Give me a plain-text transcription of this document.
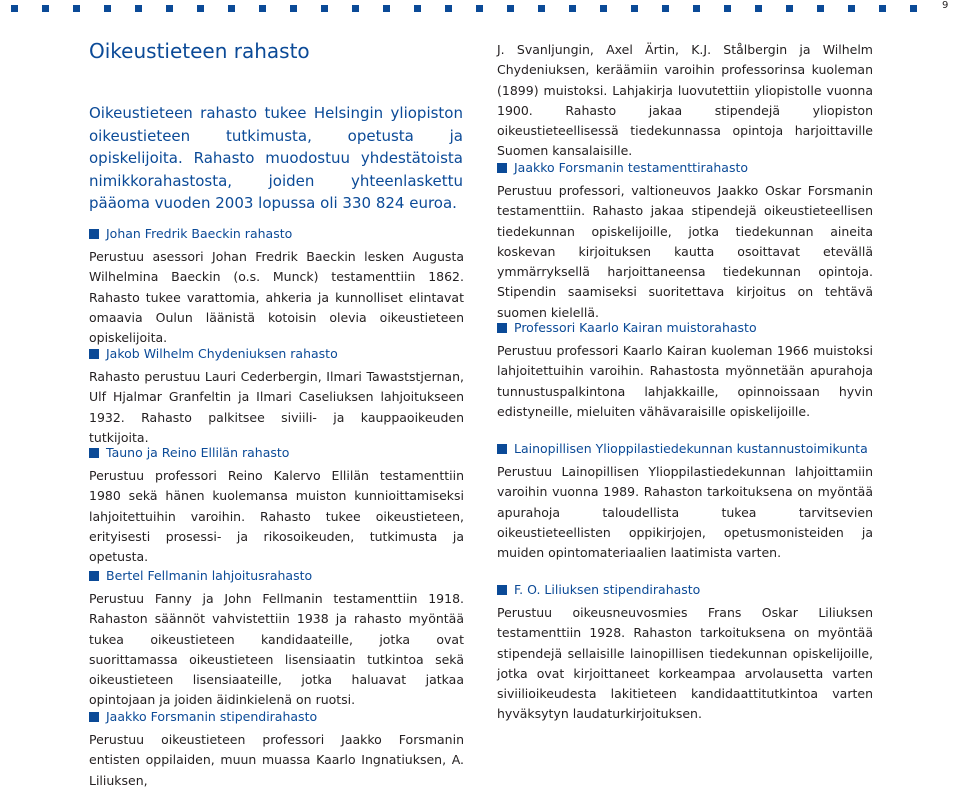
9
Oikeustieteen rahasto

Oikeustieteen rahasto tukee Helsingin yliopiston oikeustieteen tutkimusta, opetusta ja opiskelijoita. Rahasto muodostuu yhdestätoista nimikkorahastosta, joiden yhteenlaskettu pääoma vuoden 2003 lopussa oli 330 824 euroa.

Johan Fredrik Baeckin rahasto

Perustuu asessori Johan Fredrik Baeckin lesken Augusta Wilhelmina Baeckin (o.s. Munck) testamenttiin 1862. Rahasto tukee varattomia, ahkeria ja kunnolliset elintavat omaavia Oulun läänistä kotoisin olevia oikeustieteen opiskelijoita.

Jakob Wilhelm Chydeniuksen rahasto

Rahasto perustuu Lauri Cederbergin, Ilmari Tawaststjernan, Ulf Hjalmar Granfeltin ja Ilmari Caseliuksen lahjoitukseen 1932. Rahasto palkitsee siviili- ja kauppaoikeuden tutkijoita.

Tauno ja Reino Ellilän rahasto

Perustuu professori Reino Kalervo Ellilän testamenttiin 1980 sekä hänen kuolemansa muiston kunnioittamiseksi lahjoitettuihin varoihin. Rahasto tukee oikeustieteen, erityisesti prosessi- ja rikosoikeuden, tutkimusta ja opetusta.

Bertel Fellmanin lahjoitusrahasto

Perustuu Fanny ja John Fellmanin testamenttiin 1918. Rahaston säännöt vahvistettiin 1938 ja rahasto myöntää tukea oikeustieteen kandidaateille, jotka ovat suorittamassa oikeustieteen lisensiaatin tutkintoa sekä oikeustieteen lisensiaateille, jotka haluavat jatkaa opintojaan ja joiden äidinkielenä on ruotsi.

Jaakko Forsmanin stipendirahasto

Perustuu oikeustieteen professori Jaakko Forsmanin entisten oppilaiden, muun muassa Kaarlo Ingnatiuksen, A. Liliuksen,

J. Svanljungin, Axel Ärtin, K.J. Stålbergin ja Wilhelm Chydeniuksen, keräämiin varoihin professorinsa kuoleman (1899) muistoksi. Lahjakirja luovutettiin yliopistolle vuonna 1900. Rahasto jakaa stipendejä yliopiston oikeustieteellisessä tiedekunnassa opintoja harjoittaville Suomen kansalaisille.

Jaakko Forsmanin testamenttirahasto

Perustuu professori, valtioneuvos Jaakko Oskar Forsmanin testamenttiin. Rahasto jakaa stipendejä oikeustieteellisen tiedekunnan opiskelijoille, jotka tiedekunnan aineita koskevan kirjoituksen kautta osoittavat etevällä ymmärryksellä harjoittaneensa tiedekunnan opintoja. Stipendin saamiseksi suoritettava kirjoitus on tehtävä suomen kielellä.

Professori Kaarlo Kairan muistorahasto

Perustuu professori Kaarlo Kairan kuoleman 1966 muistoksi lahjoitettuihin varoihin. Rahastosta myönnetään apurahoja tunnustuspalkintona lahjakkaille, opinnoissaan hyvin edistyneille, mieluiten vähävaraisille opiskelijoille.

Lainopillisen Ylioppilastiedekunnan kustannustoimikunta

Perustuu Lainopillisen Ylioppilastiedekunnan lahjoittamiin varoihin vuonna 1989. Rahaston tarkoituksena on myöntää apurahoja taloudellista tukea tarvitsevien oikeustieteellisten oppikirjojen, opetusmonisteiden ja muiden opintomateriaalien laatimista varten.

F. O. Liliuksen stipendirahasto

Perustuu oikeusneuvosmies Frans Oskar Liliuksen testamenttiin 1928. Rahaston tarkoituksena on myöntää stipendejä sellaisille lainopillisen tiedekunnan opiskelijoille, jotka ovat kirjoittaneet korkeampaa arvolausetta varten siviilioikeudesta lakitieteen kandidaattitutkintoa varten hyväksytyn laudaturkirjoituksen.
